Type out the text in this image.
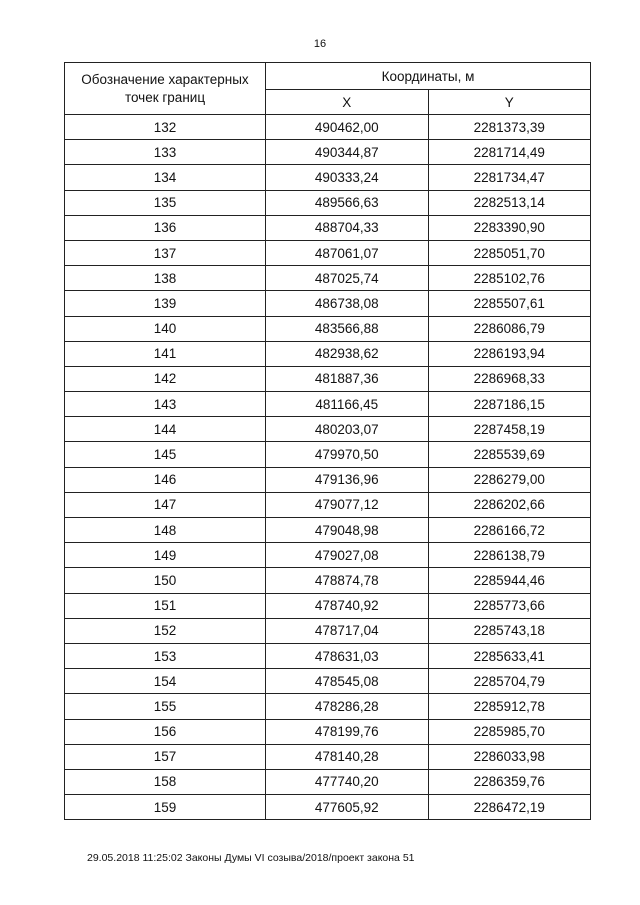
16
Обозначение характерных точек границ	Координаты, м	
	X	Y
132	490462,00	2281373,39
133	490344,87	2281714,49
134	490333,24	2281734,47
135	489566,63	2282513,14
136	488704,33	2283390,90
137	487061,07	2285051,70
138	487025,74	2285102,76
139	486738,08	2285507,61
140	483566,88	2286086,79
141	482938,62	2286193,94
142	481887,36	2286968,33
143	481166,45	2287186,15
144	480203,07	2287458,19
145	479970,50	2285539,69
146	479136,96	2286279,00
147	479077,12	2286202,66
148	479048,98	2286166,72
149	479027,08	2286138,79
150	478874,78	2285944,46
151	478740,92	2285773,66
152	478717,04	2285743,18
153	478631,03	2285633,41
154	478545,08	2285704,79
155	478286,28	2285912,78
156	478199,76	2285985,70
157	478140,28	2286033,98
158	477740,20	2286359,76
159	477605,92	2286472,19
29.05.2018 11:25:02 Законы Думы VI созыва/2018/проект закона 51
